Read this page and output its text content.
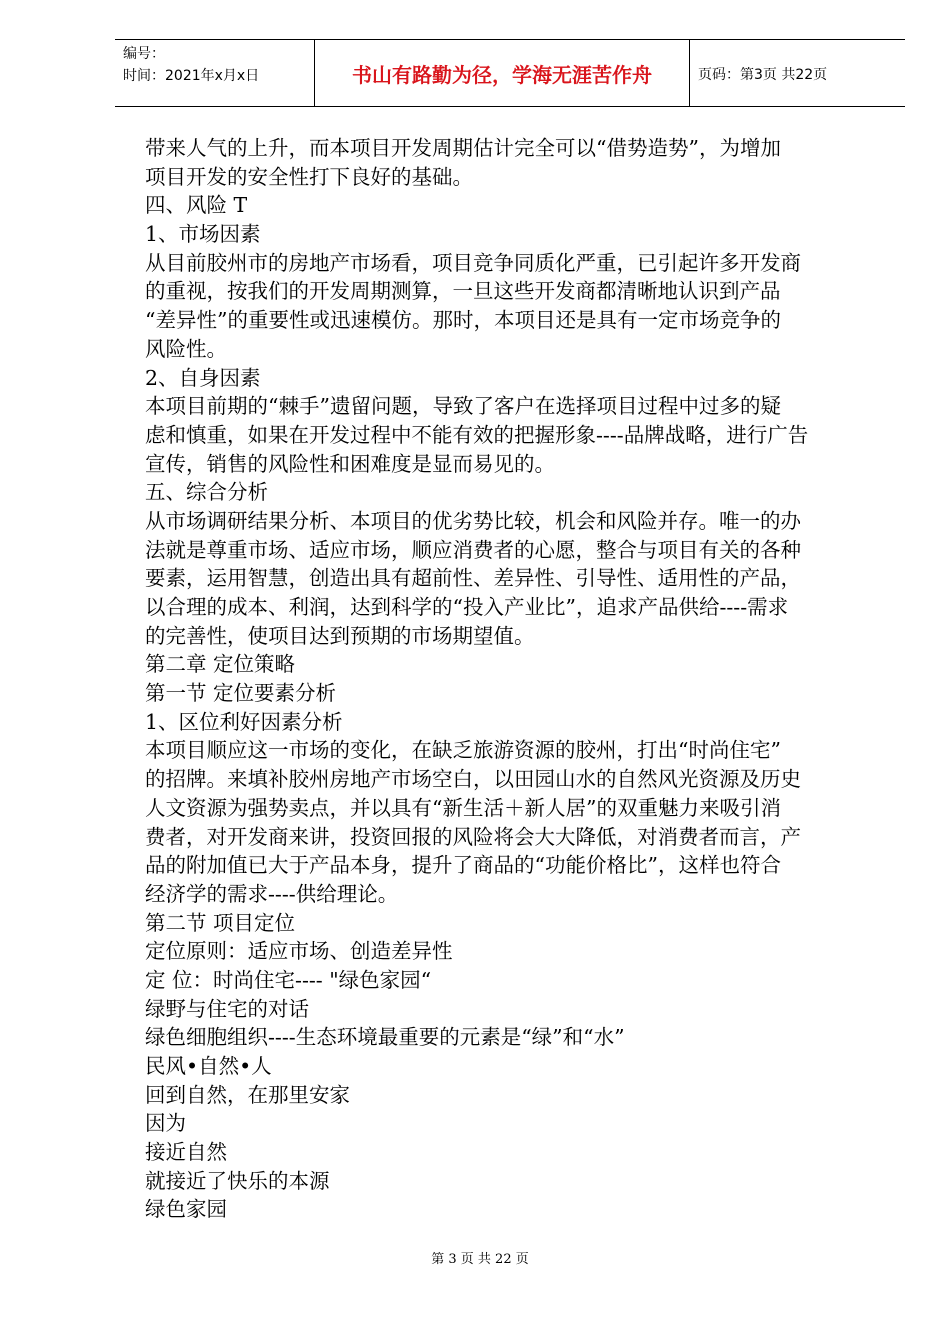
编号：
时间：2021年x月x日	书山有路勤为径，学海无涯苦作舟	页码：第3页 共22页
带来人气的上升，而本项目开发周期估计完全可以“借势造势”，为增加
项目开发的安全性打下良好的基础。
四、风险 T
1、市场因素
从目前胶州市的房地产市场看，项目竞争同质化严重，已引起许多开发商
的重视，按我们的开发周期测算，一旦这些开发商都清晰地认识到产品
“差异性”的重要性或迅速模仿。那时，本项目还是具有一定市场竞争的
风险性。
2、自身因素
本项目前期的“棘手”遗留问题，导致了客户在选择项目过程中过多的疑
虑和慎重，如果在开发过程中不能有效的把握形象----品牌战略，进行广告
宣传，销售的风险性和困难度是显而易见的。
五、综合分析
从市场调研结果分析、本项目的优劣势比较，机会和风险并存。唯一的办
法就是尊重市场、适应市场，顺应消费者的心愿，整合与项目有关的各种
要素，运用智慧，创造出具有超前性、差异性、引导性、适用性的产品，
以合理的成本、利润，达到科学的“投入产业比”，追求产品供给----需求
的完善性，使项目达到预期的市场期望值。
第二章 定位策略
第一节 定位要素分析
1、区位利好因素分析
本项目顺应这一市场的变化，在缺乏旅游资源的胶州，打出“时尚住宅”
的招牌。来填补胶州房地产市场空白，以田园山水的自然风光资源及历史
人文资源为强势卖点，并以具有“新生活＋新人居”的双重魅力来吸引消
费者，对开发商来讲，投资回报的风险将会大大降低，对消费者而言，产
品的附加值已大于产品本身，提升了商品的“功能价格比”，这样也符合
经济学的需求----供给理论。
第二节 项目定位
定位原则：适应市场、创造差异性
定 位：时尚住宅---- "绿色家园“
绿野与住宅的对话
绿色细胞组织----生态环境最重要的元素是“绿”和“水”
民风•自然•人
回到自然，在那里安家
因为
接近自然
就接近了快乐的本源
绿色家园
第 3 页 共 22 页
